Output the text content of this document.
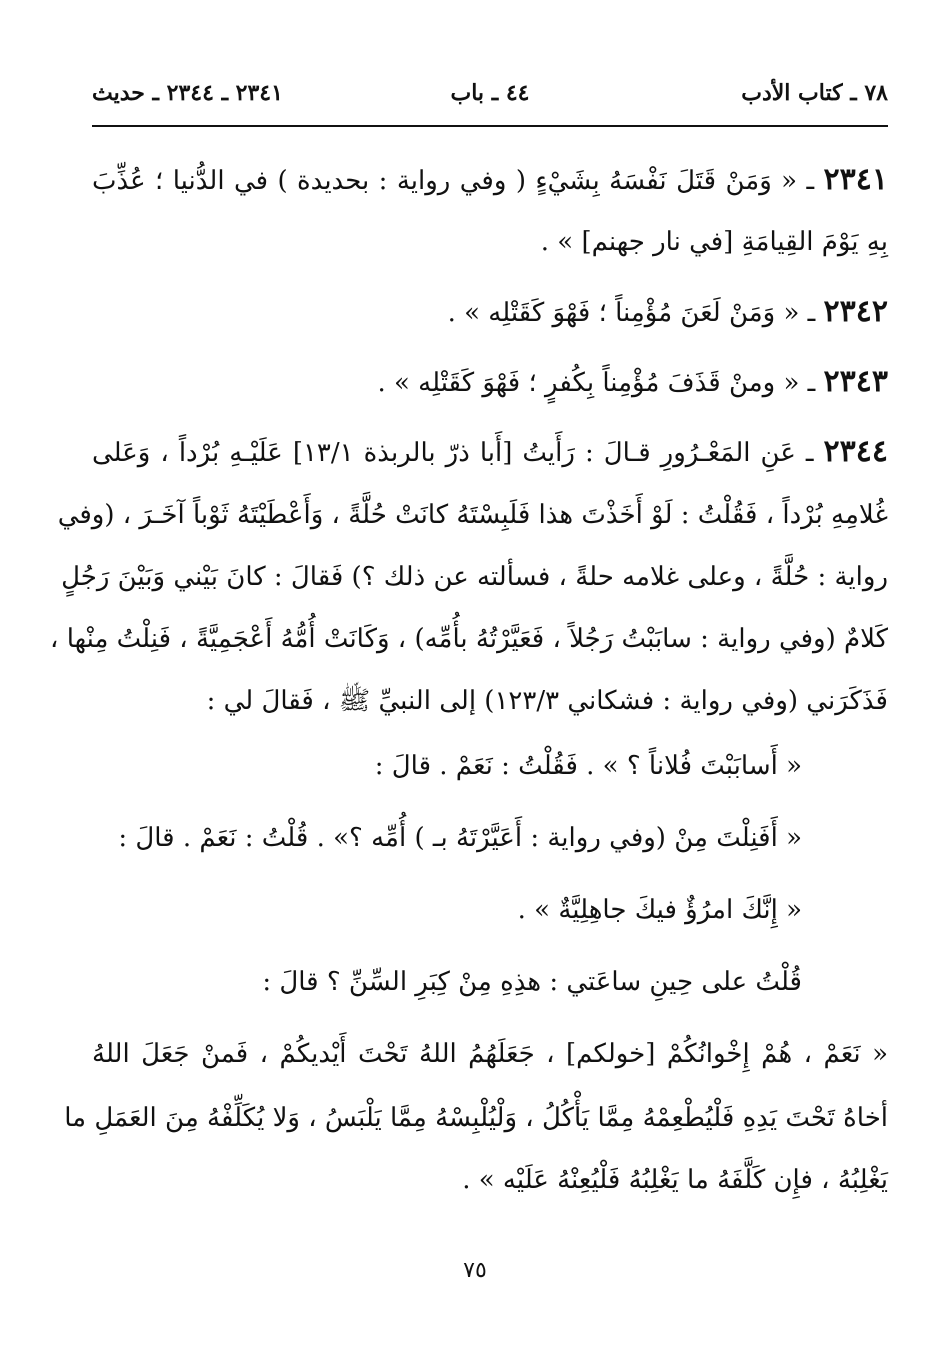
٧٨ ـ كتاب الأدب
٤٤ ـ باب
٢٣٤١ ـ ٢٣٤٤ ـ حديث
٢٣٤١ ـ « وَمَنْ قَتَلَ نَفْسَهُ بِشَيْءٍ ( وفي رواية : بحديدة ) في الدُّنيا ؛ عُذِّبَ
بِهِ يَوْمَ القِيامَةِ [في نار جهنم] » .
٢٣٤٢ ـ « وَمَنْ لَعَنَ مُؤْمِناً ؛ فَهْوَ كَقَتْلِه » .
٢٣٤٣ ـ « ومنْ قَذَفَ مُؤْمِناً بِكُفرٍ ؛ فَهْوَ كَقَتْلِه » .
٢٣٤٤ ـ عَنِ المَعْـرُورِ قـالَ : رَأَيتُ [أَبا ذرّ بالربذة ١٣/١] عَلَيْـهِ بُرْداً ، وَعَلى
غُلامِهِ بُرْداً ، فَقُلْتُ : لَوْ أَخَذْتَ هذا فَلَبِسْتَهُ كانَتْ حُلَّةً ، وَأَعْطَيْتَهُ ثَوْباً آخَـرَ ، (وفي
رواية : حُلَّةً ، وعلى غلامه حلةً ، فسألته عن ذلك ؟) فَقالَ : كانَ بَيْني وَبَيْنَ رَجُلٍ
كَلامٌ (وفي رواية : سابَبْتُ رَجُلاً ، فَعَيَّرْتُهُ بأُمِّه) ، وَكَانَتْ أُمُّهُ أَعْجَمِيَّةً ، فَنِلْتُ مِنْها ،
فَذَكَرَني (وفي رواية : فشكاني ١٢٣/٣) إلى النبيِّ ﷺ ، فَقالَ لي :
« أَسابَبْتَ فُلاناً ؟ » . فَقُلْتُ : نَعَمْ . قالَ :
« أَفَنِلْتَ مِنْ (وفي رواية : أَعَيَّرْتَهُ بـ ) أُمِّه ؟» . قُلْتُ : نَعَمْ . قالَ :
« إِنَّكَ امرُؤٌ فيكَ جاهِلِيَّةٌ » .
قُلْتُ على حِينِ ساعَتي : هذِهِ مِنْ كِبَرِ السِّنِّ ؟ قالَ :
« نَعَمْ ، هُمْ إِخْوانُكُمْ [خولكم] ، جَعَلَهُمُ اللهُ تَحْتَ أَيْديكُمْ ، فَمنْ جَعَلَ اللهُ
أخاهُ تَحْتَ يَدِهِ فَلْيُطْعِمْهُ مِمَّا يَأْكُلُ ، وَلْيُلْبِسْهُ مِمَّا يَلْبَسُ ، وَلا يُكَلِّفْهُ مِنَ العَمَلِ ما
يَغْلِبُهُ ، فإِن كَلَّفَهُ ما يَغْلِبُهُ فَلْيُعِنْهُ عَلَيْه » .
٧٥
